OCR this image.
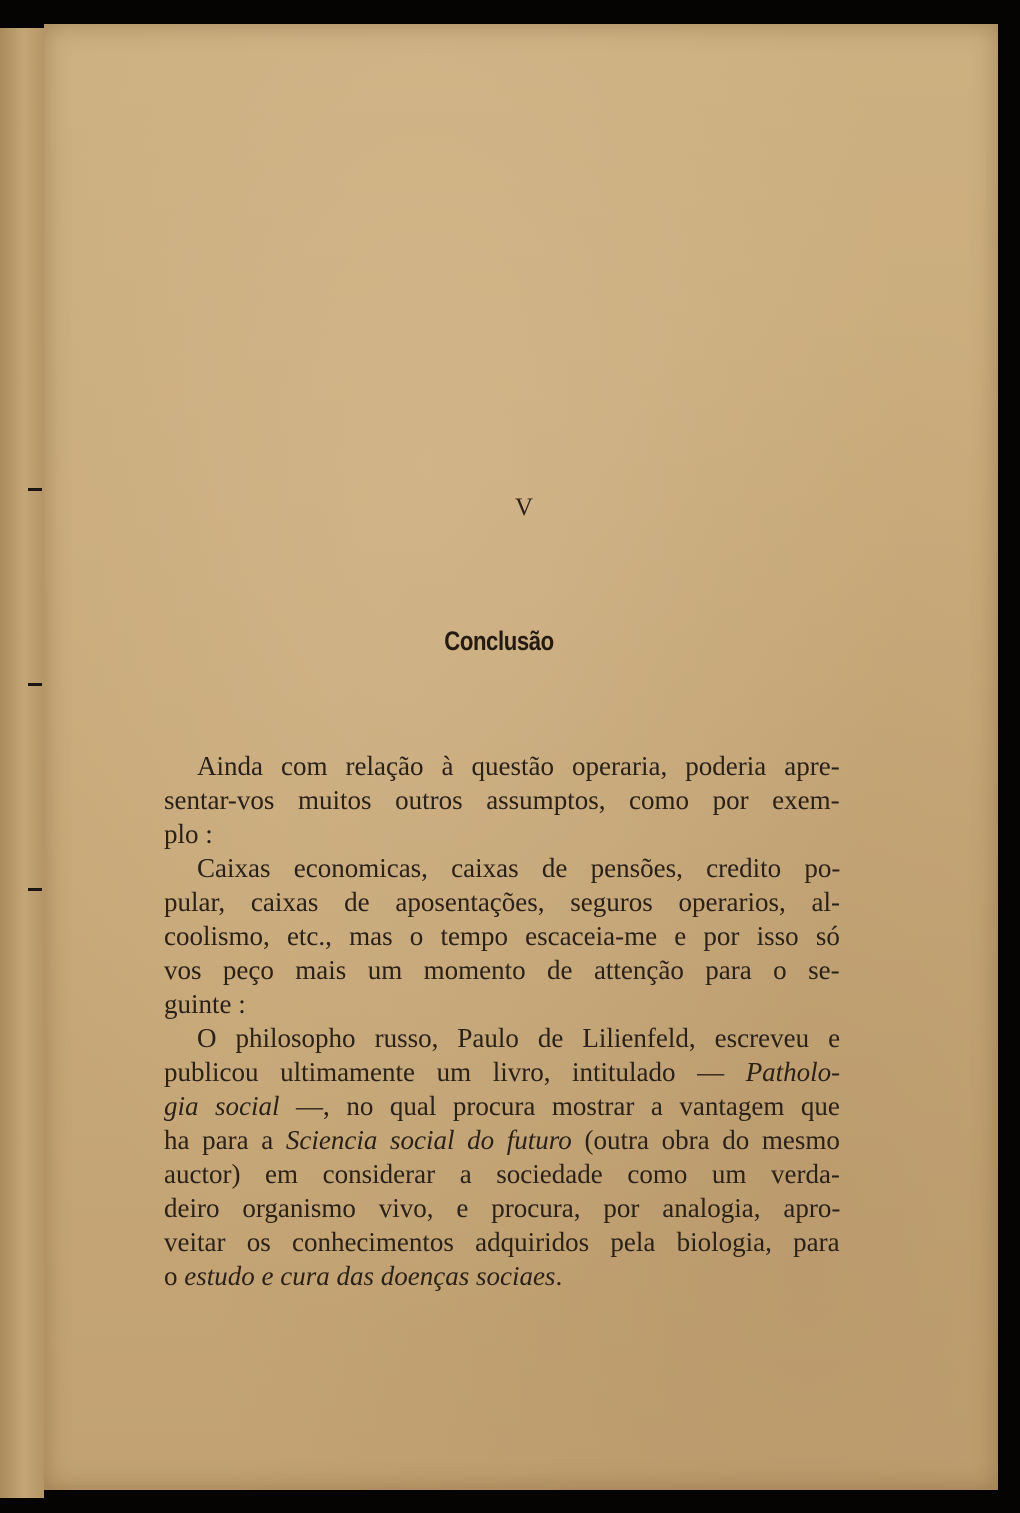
V
Conclusão
Ainda com relação à questão operaria, poderia apre-
sentar-vos muitos outros assumptos, como por exem-
plo :
Caixas economicas, caixas de pensões, credito po-
pular, caixas de aposentações, seguros operarios, al-
coolismo, etc., mas o tempo escaceia-me e por isso só
vos peço mais um momento de attenção para o se-
guinte :
O philosopho russo, Paulo de Lilienfeld, escreveu e
publicou ultimamente um livro, intitulado — Patholo-
gia social —, no qual procura mostrar a vantagem que
ha para a Sciencia social do futuro (outra obra do mesmo
auctor) em considerar a sociedade como um verda-
deiro organismo vivo, e procura, por analogia, apro-
veitar os conhecimentos adquiridos pela biologia, para
o estudo e cura das doenças sociaes .
